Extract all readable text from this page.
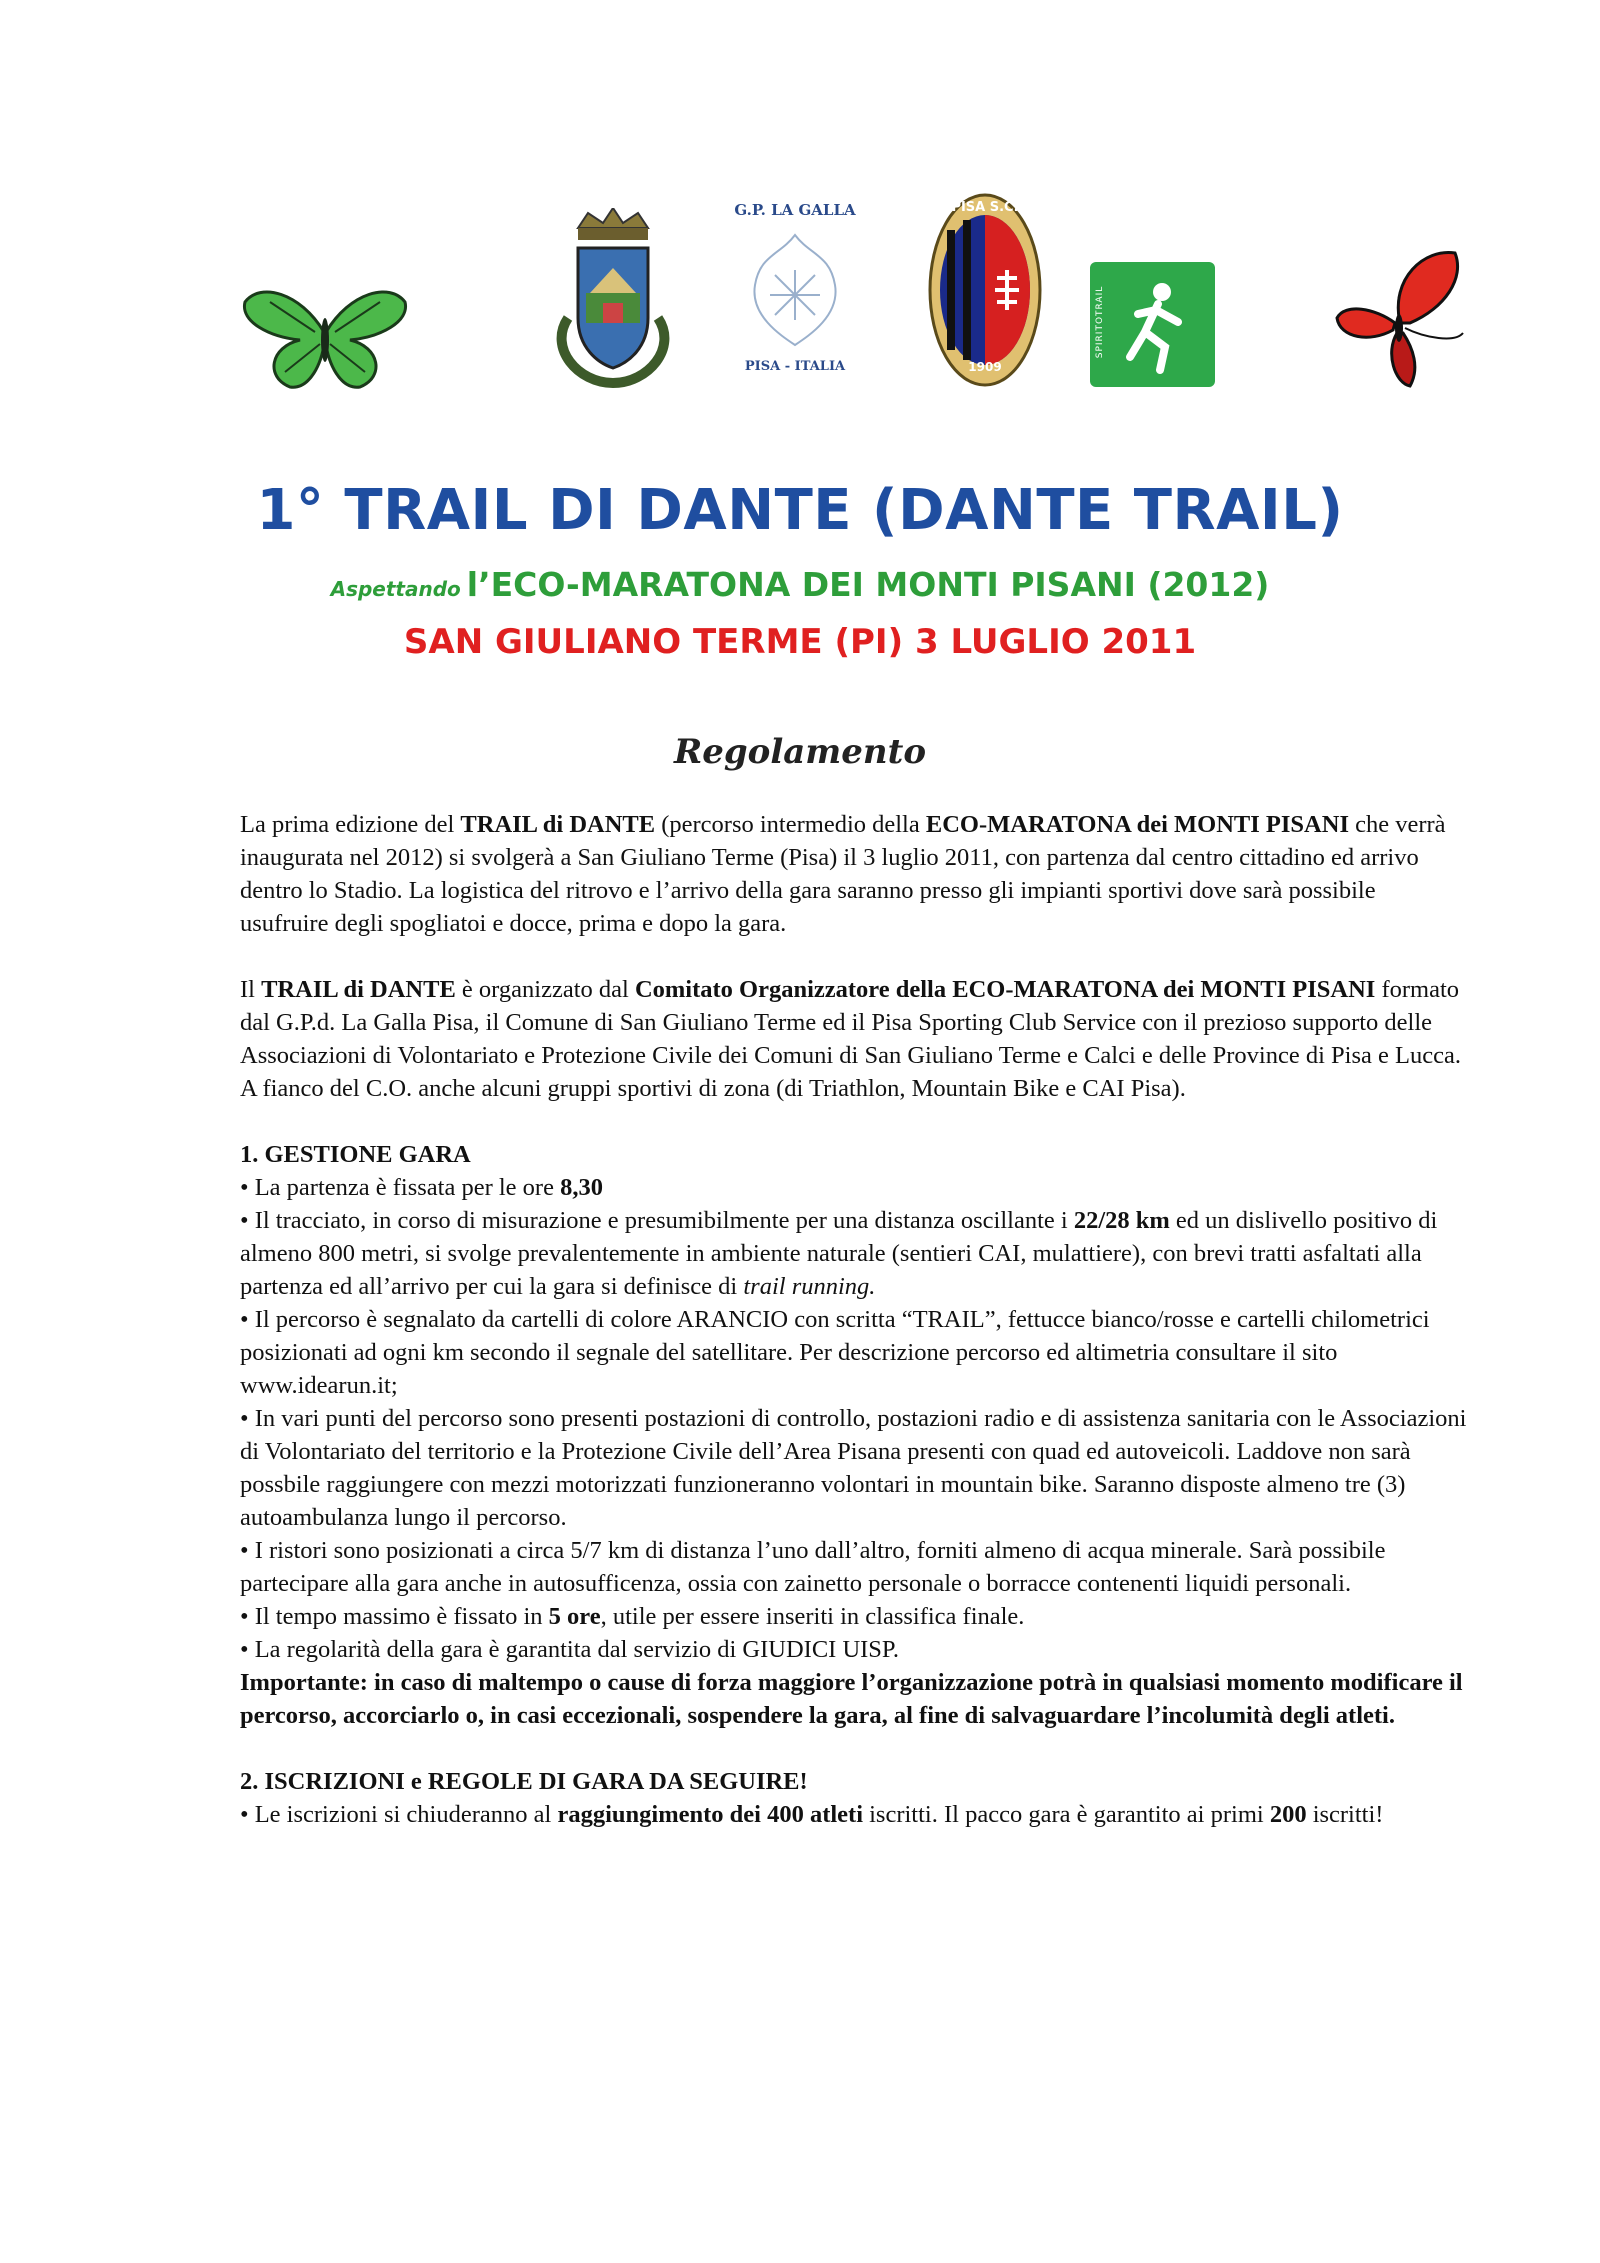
G.P. LA GALLA
PISA - ITALIA
PISA S.C.
1909
SPIRITOTRAIL
1° TRAIL DI DANTE (DANTE TRAIL)
Aspettando l’ECO-MARATONA DEI MONTI PISANI (2012)
SAN GIULIANO TERME (PI) 3 LUGLIO 2011
Regolamento

La prima edizione del TRAIL di DANTE (percorso intermedio della ECO-MARATONA dei MONTI PISANI che verrà inaugurata nel 2012) si svolgerà a San Giuliano Terme (Pisa) il 3 luglio 2011, con partenza dal centro cittadino ed arrivo dentro lo Stadio. La logistica del ritrovo e l’arrivo della gara saranno presso gli impianti sportivi dove sarà possibile usufruire degli spogliatoi e docce, prima e dopo la gara.

Il TRAIL di DANTE è organizzato dal Comitato Organizzatore della ECO-MARATONA dei MONTI PISANI formato dal G.P.d. La Galla Pisa, il Comune di San Giuliano Terme ed il Pisa Sporting Club Service con il prezioso supporto delle Associazioni di Volontariato e Protezione Civile dei Comuni di San Giuliano Terme e Calci e delle Province di Pisa e Lucca. A fianco del C.O. anche alcuni gruppi sportivi di zona (di Triathlon, Mountain Bike e CAI Pisa).

1. GESTIONE GARA

• La partenza è fissata per le ore 8,30

• Il tracciato, in corso di misurazione e presumibilmente per una distanza oscillante i 22/28 km ed un dislivello positivo di almeno 800 metri, si svolge prevalentemente in ambiente naturale (sentieri CAI, mulattiere), con brevi tratti asfaltati alla partenza ed all’arrivo per cui la gara si definisce di trail running.

• Il percorso è segnalato da cartelli di colore ARANCIO con scritta “TRAIL”, fettucce bianco/rosse e cartelli chilometrici posizionati ad ogni km secondo il segnale del satellitare. Per descrizione percorso ed altimetria consultare il sito www.idearun.it;

• In vari punti del percorso sono presenti postazioni di controllo, postazioni radio e di assistenza sanitaria con le Associazioni di Volontariato del territorio e la Protezione Civile dell’Area Pisana presenti con quad ed autoveicoli. Laddove non sarà possbile raggiungere con mezzi motorizzati funzioneranno volontari in mountain bike. Saranno disposte almeno tre (3) autoambulanza lungo il percorso.

• I ristori sono posizionati a circa 5/7 km di distanza l’uno dall’altro, forniti almeno di acqua minerale. Sarà possibile partecipare alla gara anche in autosufficenza, ossia con zainetto personale o borracce contenenti liquidi personali.

• Il tempo massimo è fissato in 5 ore, utile per essere inseriti in classifica finale.

• La regolarità della gara è garantita dal servizio di GIUDICI UISP.

Importante: in caso di maltempo o cause di forza maggiore l’organizzazione potrà in qualsiasi momento modificare il percorso, accorciarlo o, in casi eccezionali, sospendere la gara, al fine di salvaguardare l’incolumità degli atleti.

2. ISCRIZIONI e REGOLE DI GARA DA SEGUIRE!

• Le iscrizioni si chiuderanno al raggiungimento dei 400 atleti iscritti. Il pacco gara è garantito ai primi 200 iscritti!
